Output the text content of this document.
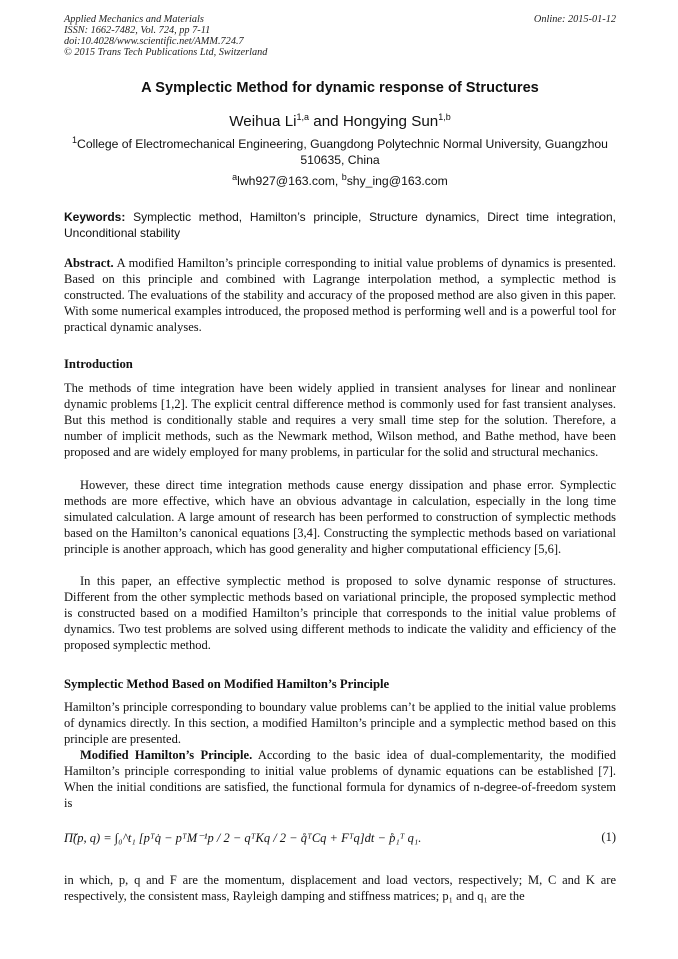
Applied Mechanics and Materials
ISSN: 1662-7482, Vol. 724, pp 7-11
doi:10.4028/www.scientific.net/AMM.724.7
© 2015 Trans Tech Publications Ltd, Switzerland
Online: 2015-01-12
A Symplectic Method for dynamic response of Structures
Weihua Li$^{1,a}$ and Hongying Sun$^{1,b}$
$^1$College of Electromechanical Engineering, Guangdong Polytechnic Normal University, Guangzhou 510635, China
$^a$lwh927@163.com, $^b$shy_ing@163.com
Keywords: Symplectic method, Hamilton’s principle, Structure dynamics, Direct time integration, Unconditional stability
Abstract. A modified Hamilton’s principle corresponding to initial value problems of dynamics is presented. Based on this principle and combined with Lagrange interpolation method, a symplectic method is constructed. The evaluations of the stability and accuracy of the proposed method are also given in this paper. With some numerical examples introduced, the proposed method is performing well and is a powerful tool for practical dynamic analyses.
Introduction
The methods of time integration have been widely applied in transient analyses for linear and nonlinear dynamic problems [1,2]. The explicit central difference method is commonly used for fast transient analyses. But this method is conditionally stable and requires a very small time step for the solution. Therefore, a number of implicit methods, such as the Newmark method, Wilson method, and Bathe method, have been proposed and are widely employed for many problems, in particular for the solid and structural mechanics.
However, these direct time integration methods cause energy dissipation and phase error. Symplectic methods are more effective, which have an obvious advantage in calculation, especially in the long time simulated calculation. A large amount of research has been performed to construction of symplectic methods based on the Hamilton’s canonical equations [3,4]. Constructing the symplectic methods based on variational principle is another approach, which has good generality and higher computational efficiency [5,6].
In this paper, an effective symplectic method is proposed to solve dynamic response of structures. Different from the other symplectic methods based on variational principle, the proposed symplectic method is constructed based on a modified Hamilton’s principle that corresponds to the initial value problems of dynamics. Two test problems are solved using different methods to indicate the validity and efficiency of the proposed symplectic method.
Symplectic Method Based on Modified Hamilton’s Principle
Hamilton’s principle corresponding to boundary value problems can’t be applied to the initial value problems of dynamics directly. In this section, a modified Hamilton’s principle and a symplectic method based on this principle are presented.
Modified Hamilton’s Principle. According to the basic idea of dual-complementarity, the modified Hamilton’s principle corresponding to initial value problems of dynamic equations can be established [7]. When the initial conditions are satisfied, the functional formula for dynamics of n-degree-of-freedom system is
Π̃(p, q) = ∫₀^t₁ [pᵀq̇ − pᵀM⁻¹p / 2 − qᵀKq / 2 − q̊ᵀCq + Fᵀq]dt − p̊₁ᵀ q₁.	(1)
in which, p, q and F are the momentum, displacement and load vectors, respectively; M, C and K are respectively, the consistent mass, Rayleigh damping and stiffness matrices; p₁ and q₁ are the
